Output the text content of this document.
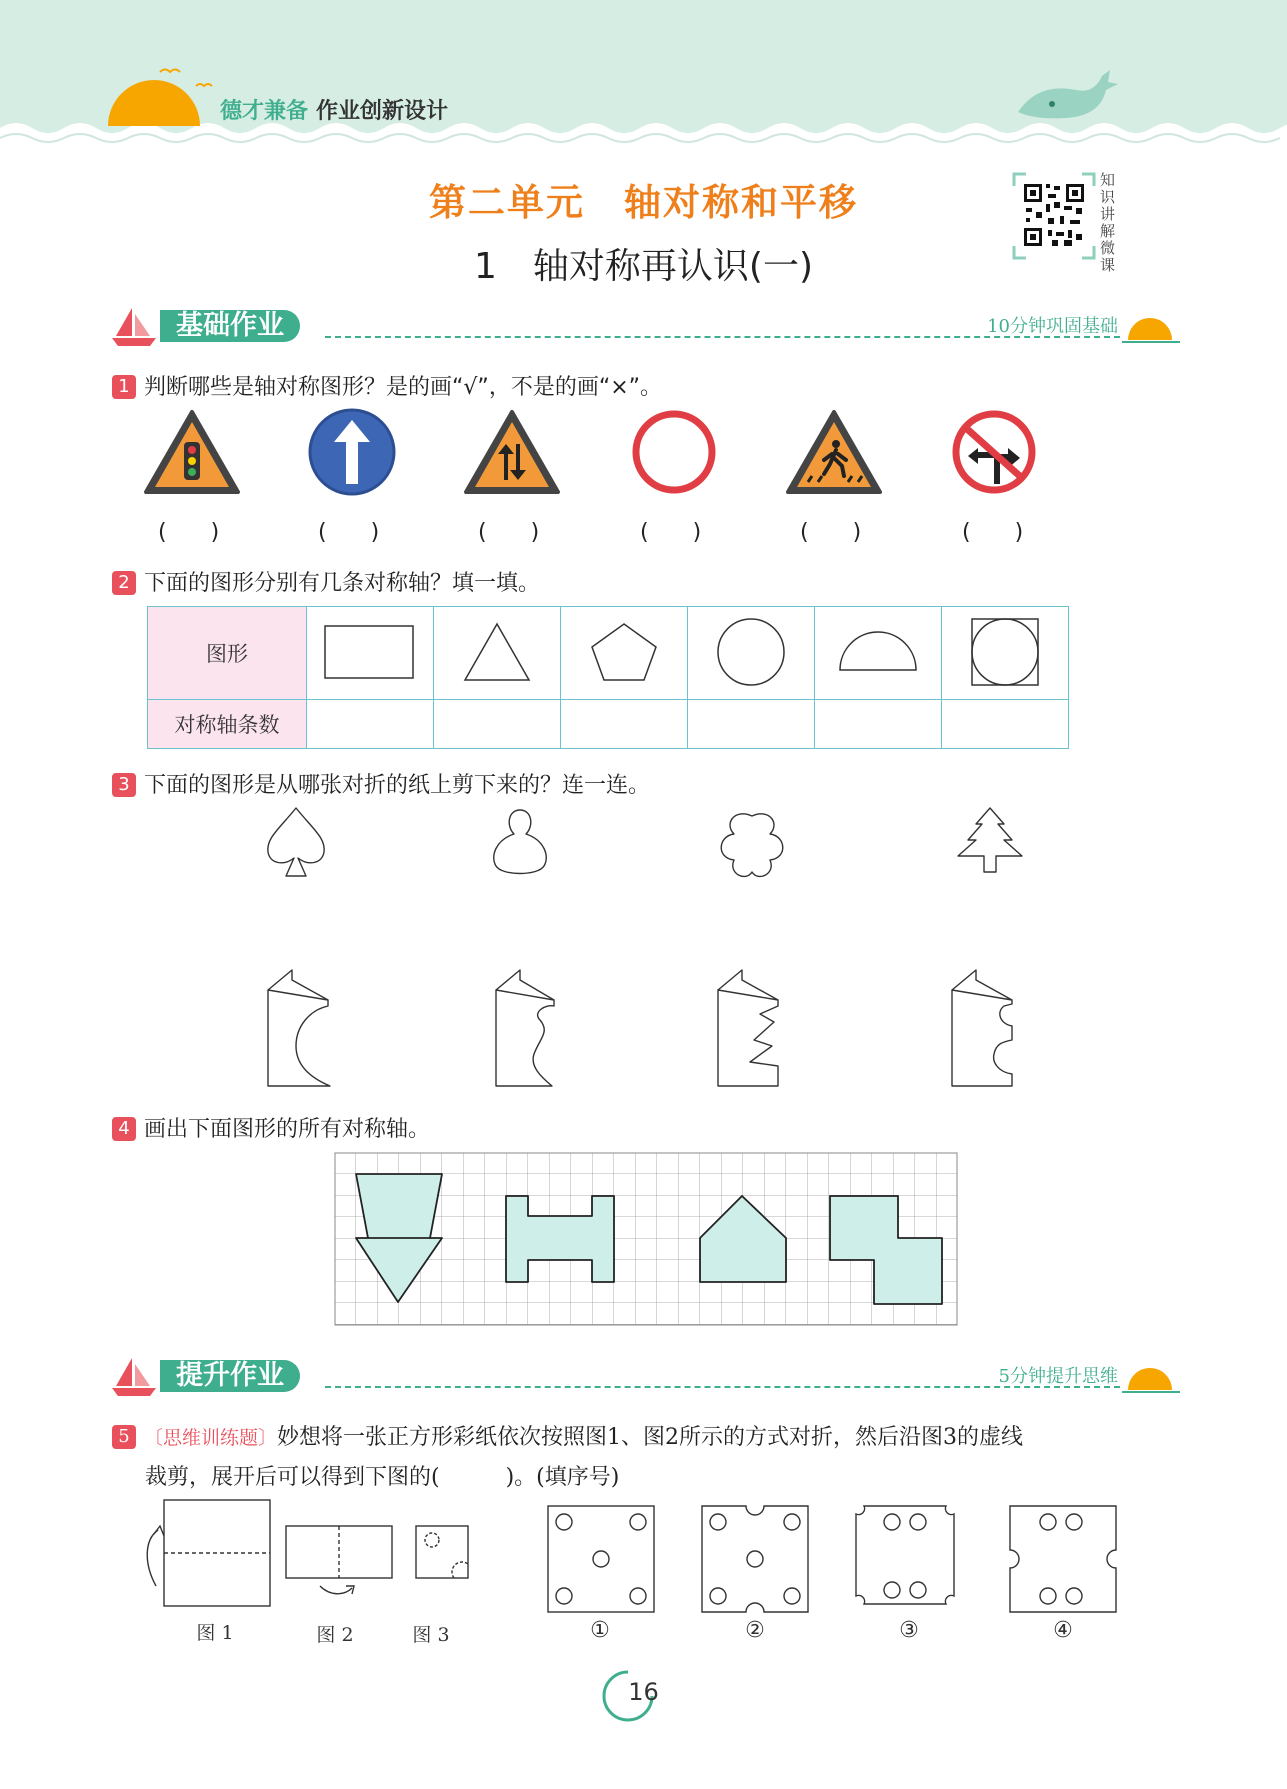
德才兼备 作业创新设计
第二单元　轴对称和平移
1　轴对称再认识(一)
知识讲解微课
基础作业	10分钟巩固基础
1 判断哪些是轴对称图形？是的画“√”，不是的画“×”。
(　　)	(　　)	(　　)	(　　)	(　　)	(　　)
2 下面的图形分别有几条对称轴？填一填。
图形						
对称轴条数						
3 下面的图形是从哪张对折的纸上剪下来的？连一连。
4 画出下面图形的所有对称轴。
提升作业	5分钟提升思维
5 〔思维训练题〕妙想将一张正方形彩纸依次按照图1、图2所示的方式对折，然后沿图3的虚线
裁剪，展开后可以得到下图的(　　　)。(填序号)
图 1	图 2	图 3	①	②	③	④
16
